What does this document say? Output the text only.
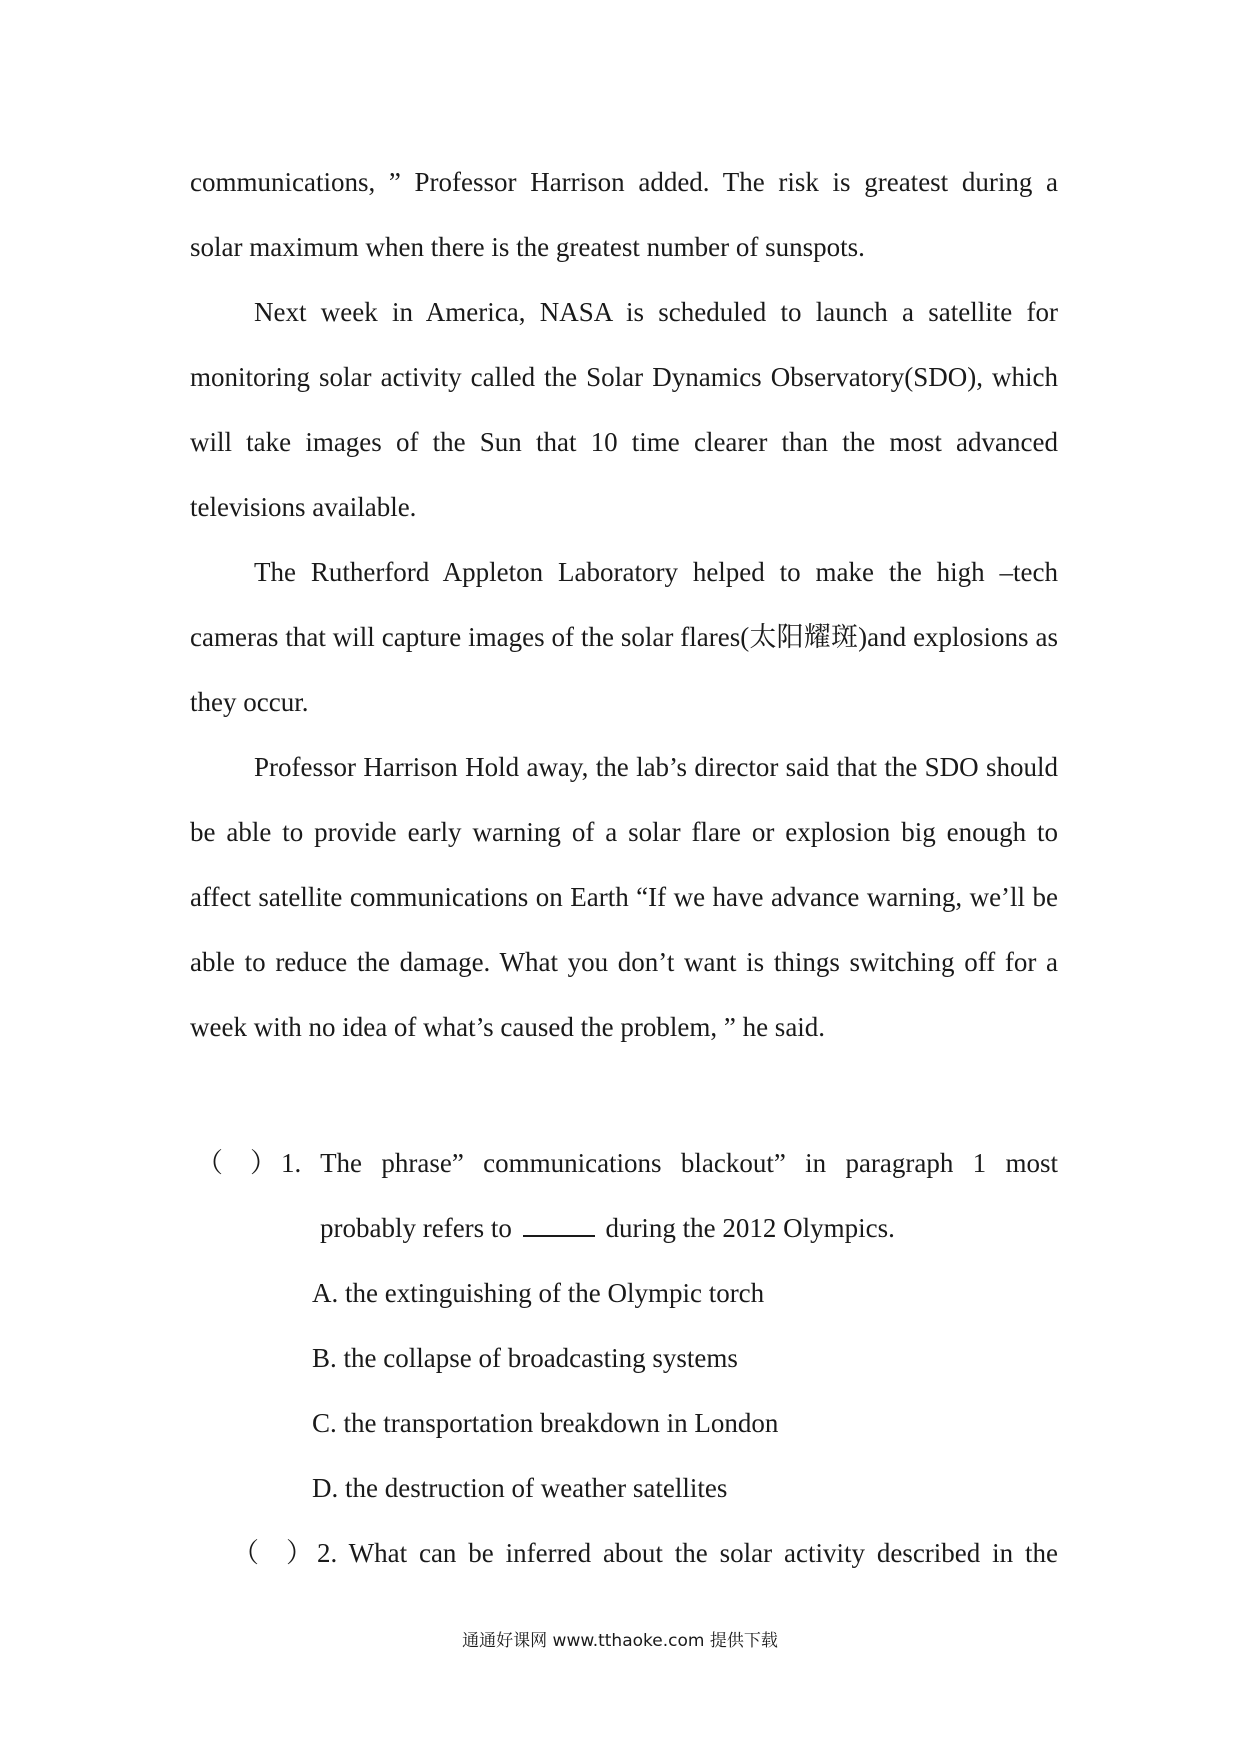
communications, ” Professor Harrison added. The risk is greatest during a

solar maximum when there is the greatest number of sunspots.

Next week in America, NASA is scheduled to launch a satellite for monitoring solar activity called the Solar Dynamics Observatory(SDO), which will take images of the Sun that 10 time clearer than the most advanced televisions available.

The Rutherford Appleton Laboratory helped to make the high –tech cameras that will capture images of the solar flares(太阳耀斑)and explosions as they occur.

Professor Harrison Hold away, the lab’s director said that the SDO should be able to provide early warning of a solar flare or explosion big enough to affect satellite communications on Earth “If we have advance warning, we’ll be able to reduce the damage. What you don’t want is things switching off for a week with no idea of what’s caused the problem, ” he said.

（　） 1. The phrase” communications blackout” in paragraph 1 most
probably refers to	during the 2012 Olympics.
A. the extinguishing of the Olympic torch
B. the collapse of broadcasting systems
C. the transportation breakdown in London
D. the destruction of weather satellites
（　） 2. What can be inferred about the solar activity described in the
通通好课网 www.tthaoke.com 提供下载
